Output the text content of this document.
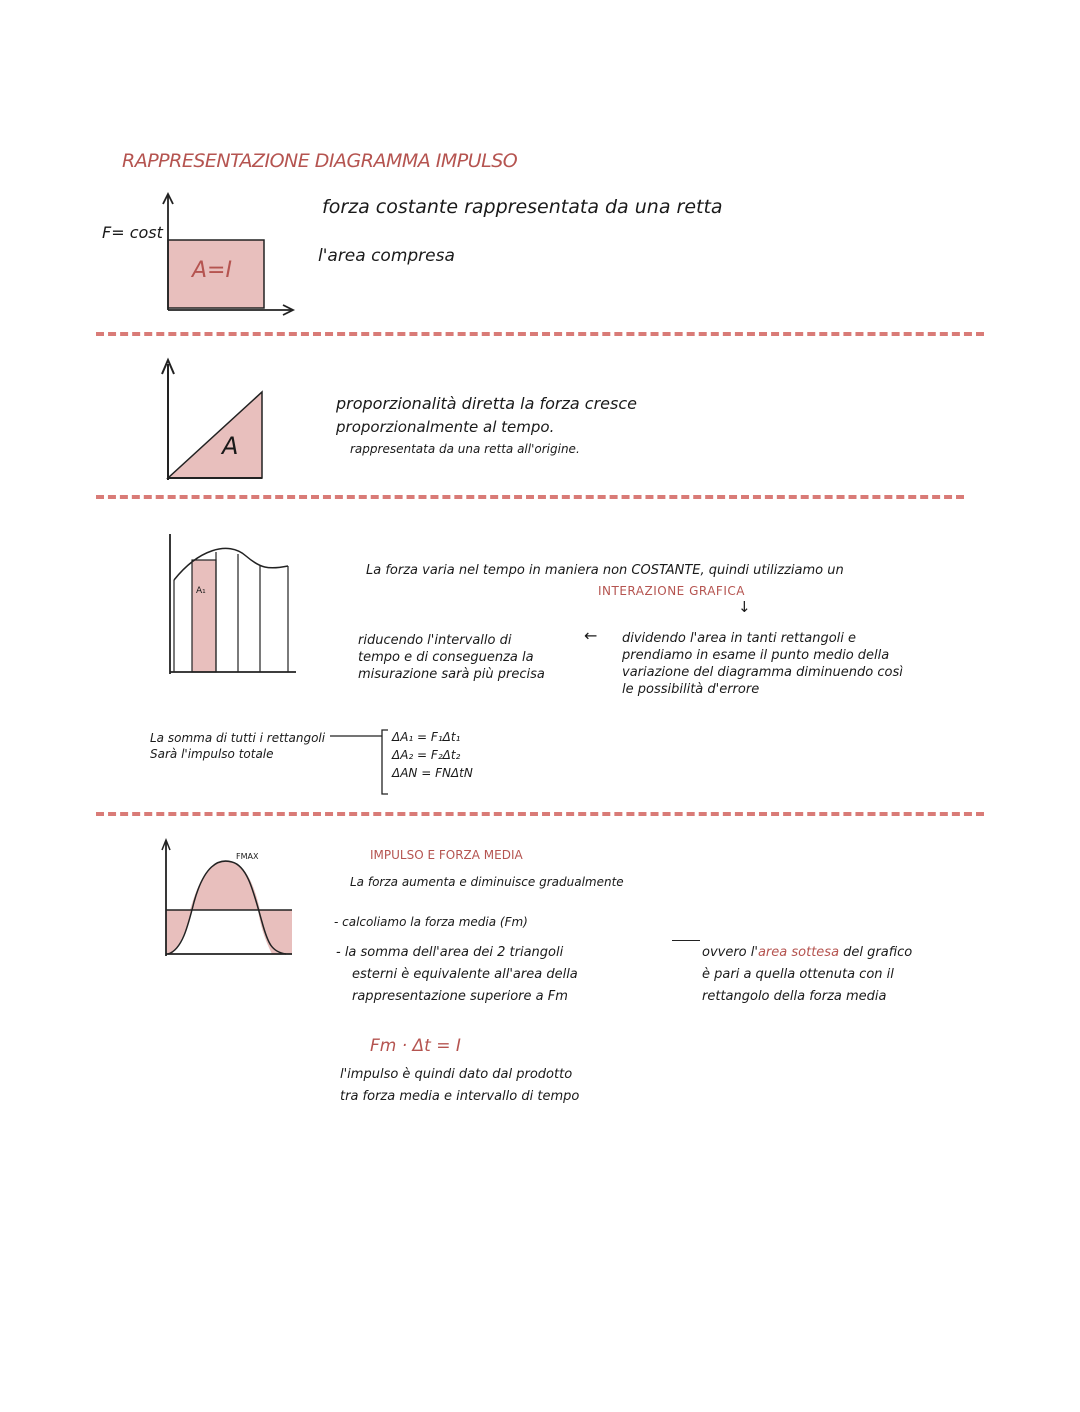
RAPPRESENTAZIONE DIAGRAMMA IMPULSO
F= cost
A=I
forza costante rappresentata da una retta
l'area compresa
A
proporzionalità diretta la forza cresce
proporzionalmente al tempo.
rappresentata da una retta all'origine.
A₁
La forza varia nel tempo in maniera non COSTANTE, quindi utilizziamo un
INTERAZIONE GRAFICA
↓
riducendo l'intervallo di
tempo e di conseguenza la
misurazione sarà più precisa
← dividendo l'area in tanti rettangoli e
prendiamo in esame il punto medio della
variazione del diagramma diminuendo così
le possibilità d'errore
La somma di tutti i rettangoli
Sarà l'impulso totale
ΔA₁ = F₁Δt₁
ΔA₂ = F₂Δt₂
ΔAN = FNΔtN
FMAX	IMPULSO E FORZA MEDIA
La forza aumenta e diminuisce gradualmente
- calcoliamo la forza media (Fm)
- la somma dell'area dei 2 triangoli
esterni è equivalente all'area della
rappresentazione superiore a Fm
ovvero l'area sottesa del grafico
è pari a quella ottenuta con il
rettangolo della forza media
Fm · Δt = I
l'impulso è quindi dato dal prodotto
tra forza media e intervallo di tempo
